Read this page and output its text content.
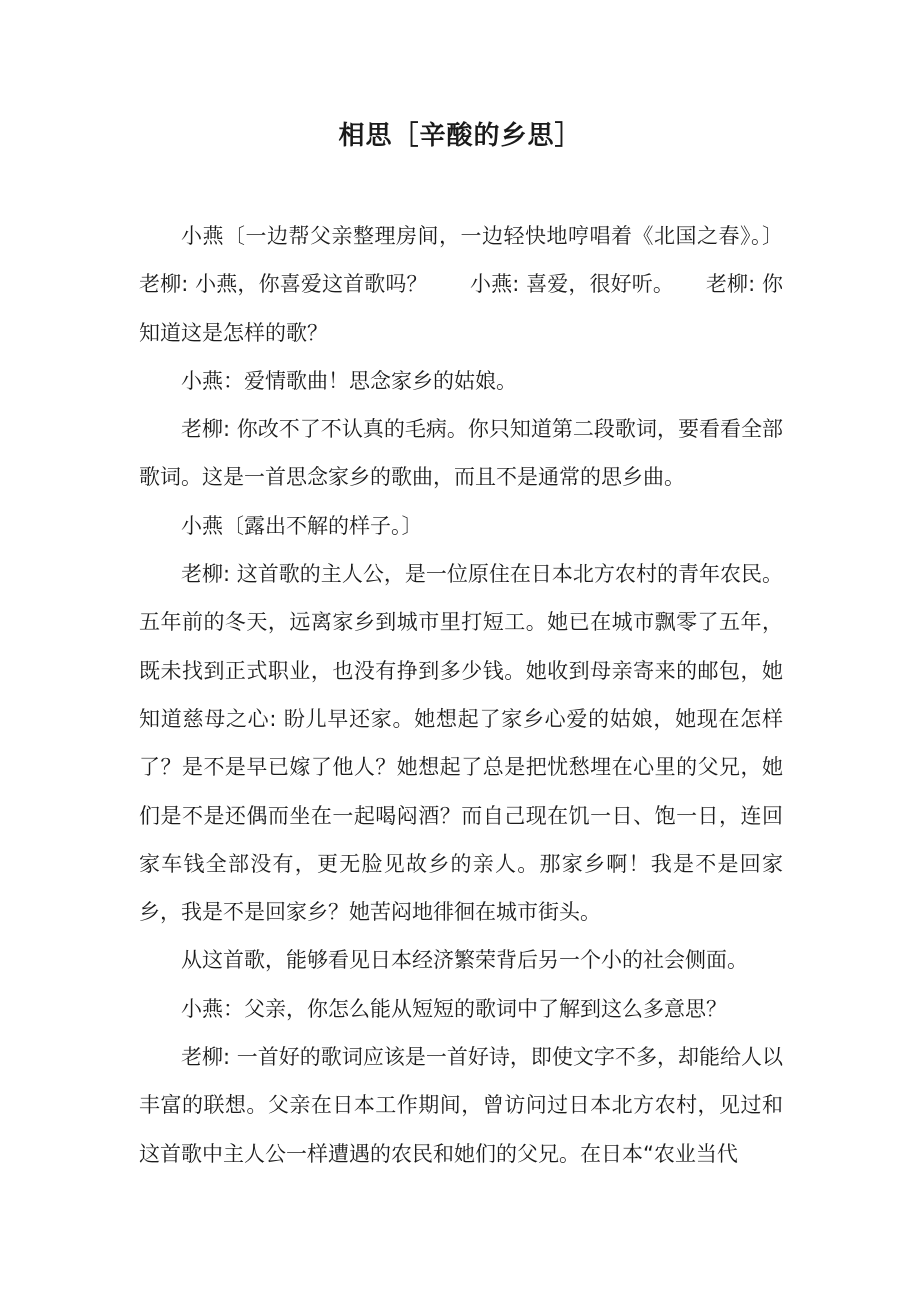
相思［辛酸的乡思］

小燕〔一边帮父亲整理房间，一边轻快地哼唱着《北国之春》。〕老柳: 小燕，你喜爱这首歌吗？　　小燕: 喜爱，很好听。　　老柳: 你知道这是怎样的歌？

小燕：爱情歌曲！思念家乡的姑娘。

老柳: 你改不了不认真的毛病。你只知道第二段歌词，要看看全部歌词。这是一首思念家乡的歌曲，而且不是通常的思乡曲。

小燕〔露出不解的样子。〕

老柳: 这首歌的主人公，是一位原住在日本北方农村的青年农民。五年前的冬天，远离家乡到城市里打短工。她已在城市飘零了五年，既未找到正式职业，也没有挣到多少钱。她收到母亲寄来的邮包，她知道慈母之心: 盼儿早还家。她想起了家乡心爱的姑娘，她现在怎样了？是不是早已嫁了他人？她想起了总是把忧愁埋在心里的父兄，她们是不是还偶而坐在一起喝闷酒？而自己现在饥一日、饱一日，连回家车钱全部没有，更无脸见故乡的亲人。那家乡啊！我是不是回家乡，我是不是回家乡？她苦闷地徘徊在城市街头。

从这首歌，能够看见日本经济繁荣背后另一个小的社会侧面。

小燕：父亲，你怎么能从短短的歌词中了解到这么多意思？

老柳: 一首好的歌词应该是一首好诗，即使文字不多，却能给人以丰富的联想。父亲在日本工作期间，曾访问过日本北方农村，见过和这首歌中主人公一样遭遇的农民和她们的父兄。在日本“农业当代
